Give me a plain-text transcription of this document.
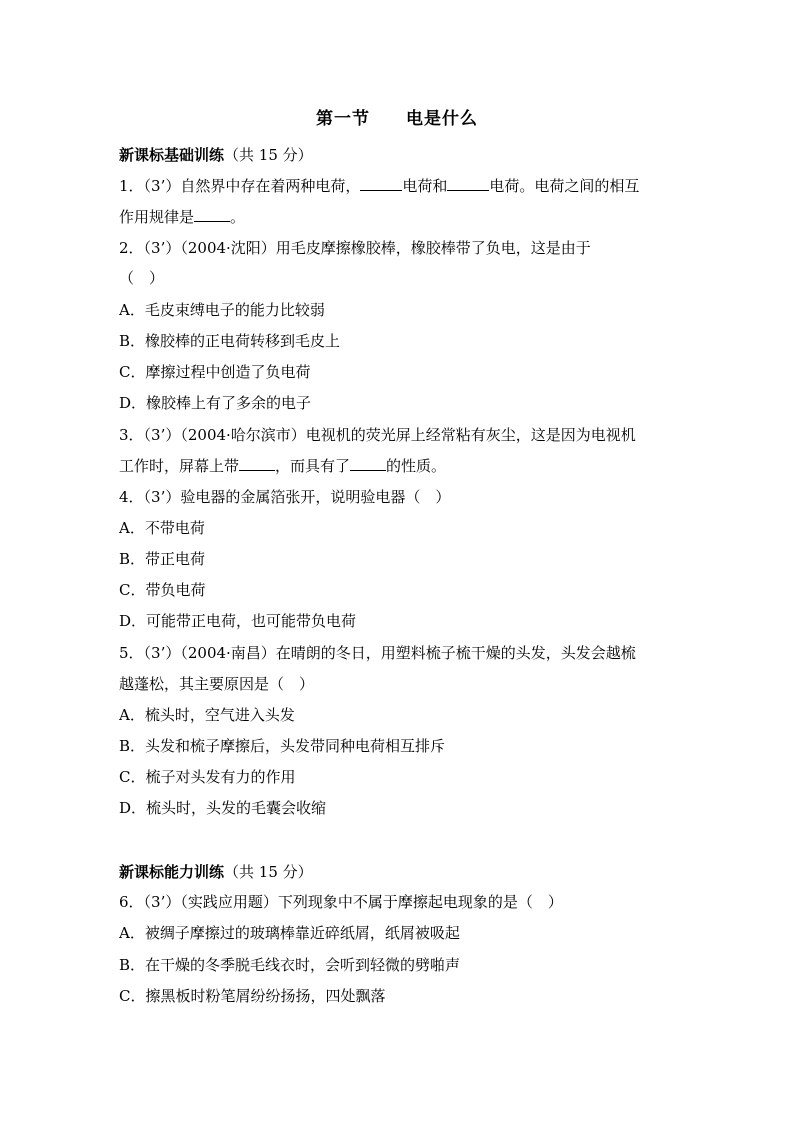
第一节　　电是什么
新课标基础训练（共 15 分）
1．（3’）自然界中存在着两种电荷，	电荷和	电荷。电荷之间的相互
作用规律是 。
2．（3’）（2004·沈阳）用毛皮摩擦橡胶棒，橡胶棒带了负电，这是由于
（　）
A．毛皮束缚电子的能力比较弱
B．橡胶棒的正电荷转移到毛皮上
C．摩擦过程中创造了负电荷
D．橡胶棒上有了多余的电子
3．（3’）（2004·哈尔滨市）电视机的荧光屏上经常粘有灰尘，这是因为电视机
工作时，屏幕上带 ，而具有了 的性质。
4．（3’）验电器的金属箔张开，说明验电器（　）
A．不带电荷
B．带正电荷
C．带负电荷
D．可能带正电荷，也可能带负电荷
5．（3’）（2004·南昌）在晴朗的冬日，用塑料梳子梳干燥的头发，头发会越梳
越蓬松，其主要原因是（　）
A．梳头时，空气进入头发
B．头发和梳子摩擦后，头发带同种电荷相互排斥
C．梳子对头发有力的作用
D．梳头时，头发的毛囊会收缩
新课标能力训练（共 15 分）
6．（3’）（实践应用题）下列现象中不属于摩擦起电现象的是（　）
A．被绸子摩擦过的玻璃棒靠近碎纸屑，纸屑被吸起
B．在干燥的冬季脱毛线衣时，会听到轻微的劈啪声
C．擦黑板时粉笔屑纷纷扬扬，四处飘落
